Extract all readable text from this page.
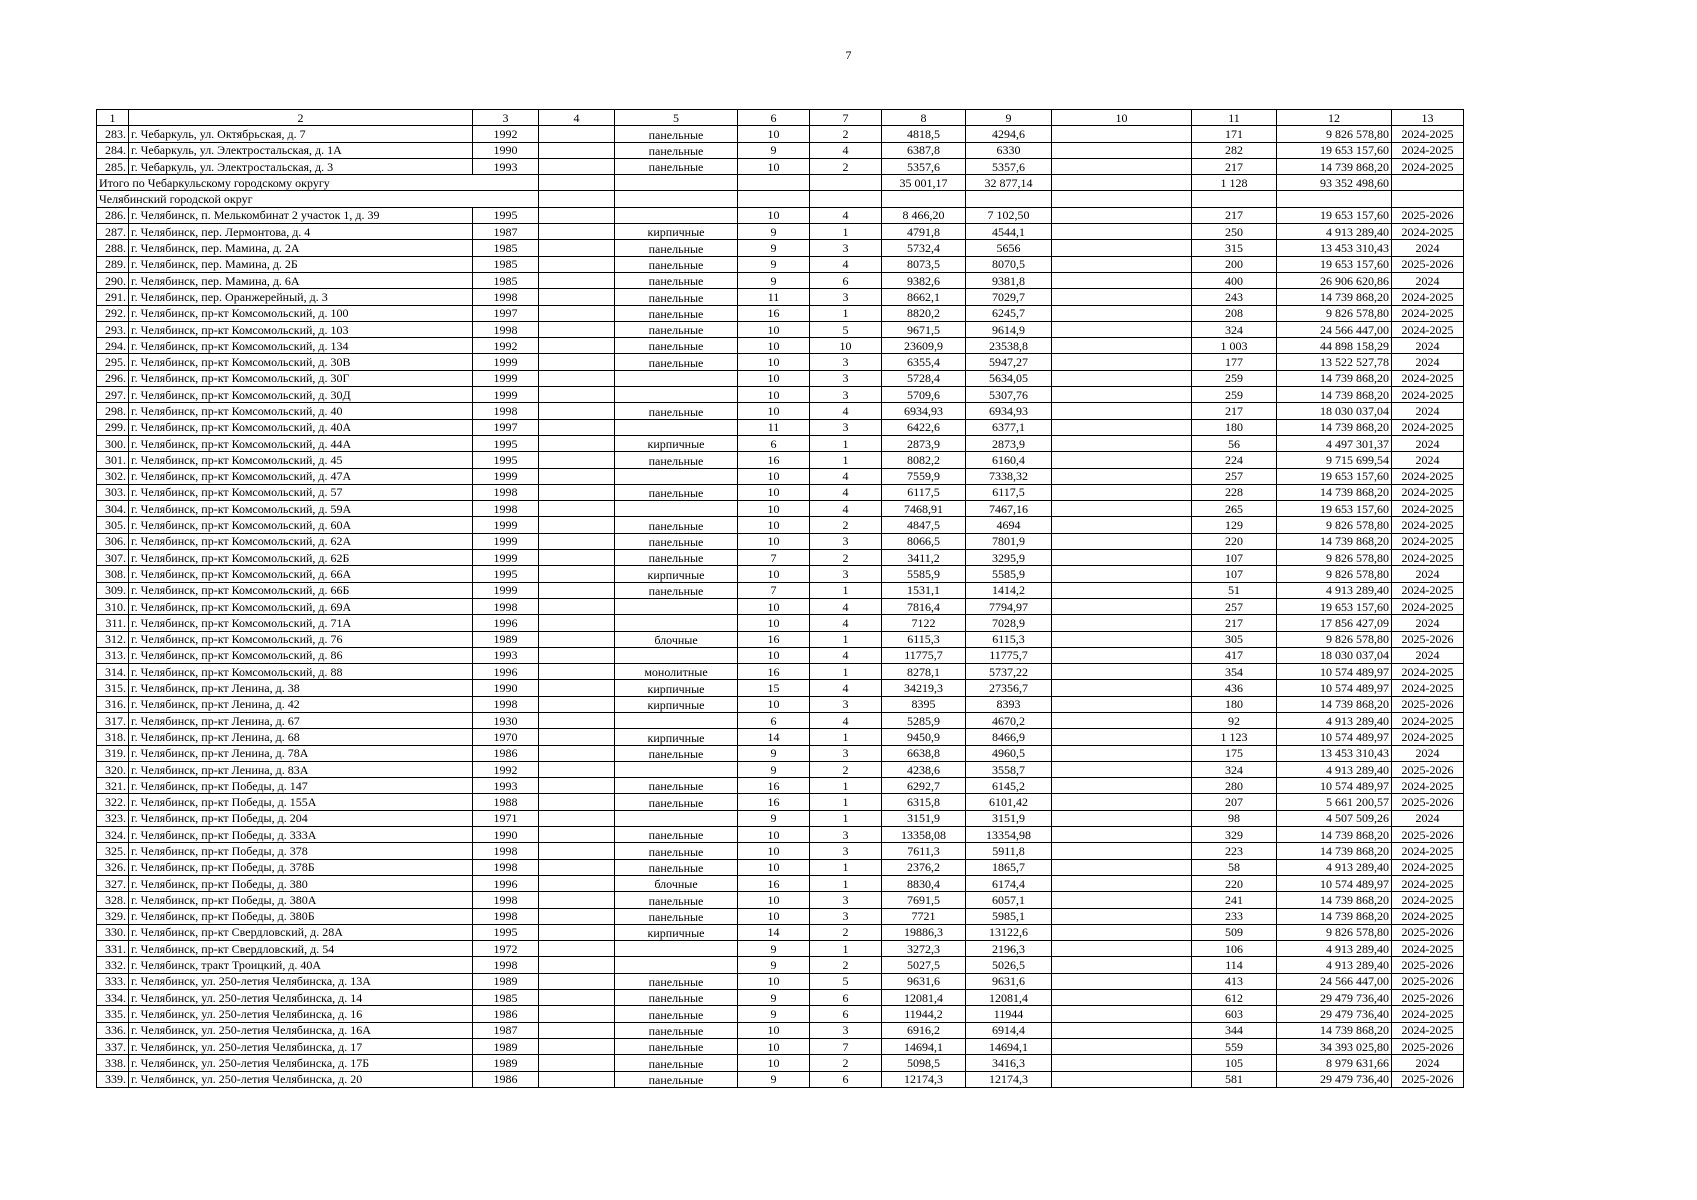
7
1	2	3	4	5	6	7	8	9	10	11	12	13
283.	г. Чебаркуль, ул. Октябрьская, д. 7	1992		панельные	10	2	4818,5	4294,6		171	9 826 578,80	2024-2025
284.	г. Чебаркуль, ул. Электростальская, д. 1А	1990		панельные	9	4	6387,8	6330		282	19 653 157,60	2024-2025
285.	г. Чебаркуль, ул. Электростальская, д. 3	1993		панельные	10	2	5357,6	5357,6		217	14 739 868,20	2024-2025
Итого по Чебаркульскому городскому округу							35 001,17	32 877,14		1 128	93 352 498,60	
Челябинский городской округ												
286.	г. Челябинск, п. Мелькомбинат 2 участок 1, д. 39	1995			10	4	8 466,20	7 102,50		217	19 653 157,60	2025-2026
287.	г. Челябинск, пер. Лермонтова, д. 4	1987		кирпичные	9	1	4791,8	4544,1		250	4 913 289,40	2024-2025
288.	г. Челябинск, пер. Мамина, д. 2А	1985		панельные	9	3	5732,4	5656		315	13 453 310,43	2024
289.	г. Челябинск, пер. Мамина, д. 2Б	1985		панельные	9	4	8073,5	8070,5		200	19 653 157,60	2025-2026
290.	г. Челябинск, пер. Мамина, д. 6А	1985		панельные	9	6	9382,6	9381,8		400	26 906 620,86	2024
291.	г. Челябинск, пер. Оранжерейный, д. 3	1998		панельные	11	3	8662,1	7029,7		243	14 739 868,20	2024-2025
292.	г. Челябинск, пр-кт Комсомольский, д. 100	1997		панельные	16	1	8820,2	6245,7		208	9 826 578,80	2024-2025
293.	г. Челябинск, пр-кт Комсомольский, д. 103	1998		панельные	10	5	9671,5	9614,9		324	24 566 447,00	2024-2025
294.	г. Челябинск, пр-кт Комсомольский, д. 134	1992		панельные	10	10	23609,9	23538,8		1 003	44 898 158,29	2024
295.	г. Челябинск, пр-кт Комсомольский, д. 30В	1999		панельные	10	3	6355,4	5947,27		177	13 522 527,78	2024
296.	г. Челябинск, пр-кт Комсомольский, д. 30Г	1999			10	3	5728,4	5634,05		259	14 739 868,20	2024-2025
297.	г. Челябинск, пр-кт Комсомольский, д. 30Д	1999			10	3	5709,6	5307,76		259	14 739 868,20	2024-2025
298.	г. Челябинск, пр-кт Комсомольский, д. 40	1998		панельные	10	4	6934,93	6934,93		217	18 030 037,04	2024
299.	г. Челябинск, пр-кт Комсомольский, д. 40А	1997			11	3	6422,6	6377,1		180	14 739 868,20	2024-2025
300.	г. Челябинск, пр-кт Комсомольский, д. 44А	1995		кирпичные	6	1	2873,9	2873,9		56	4 497 301,37	2024
301.	г. Челябинск, пр-кт Комсомольский, д. 45	1995		панельные	16	1	8082,2	6160,4		224	9 715 699,54	2024
302.	г. Челябинск, пр-кт Комсомольский, д. 47А	1999			10	4	7559,9	7338,32		257	19 653 157,60	2024-2025
303.	г. Челябинск, пр-кт Комсомольский, д. 57	1998		панельные	10	4	6117,5	6117,5		228	14 739 868,20	2024-2025
304.	г. Челябинск, пр-кт Комсомольский, д. 59А	1998			10	4	7468,91	7467,16		265	19 653 157,60	2024-2025
305.	г. Челябинск, пр-кт Комсомольский, д. 60А	1999		панельные	10	2	4847,5	4694		129	9 826 578,80	2024-2025
306.	г. Челябинск, пр-кт Комсомольский, д. 62А	1999		панельные	10	3	8066,5	7801,9		220	14 739 868,20	2024-2025
307.	г. Челябинск, пр-кт Комсомольский, д. 62Б	1999		панельные	7	2	3411,2	3295,9		107	9 826 578,80	2024-2025
308.	г. Челябинск, пр-кт Комсомольский, д. 66А	1995		кирпичные	10	3	5585,9	5585,9		107	9 826 578,80	2024
309.	г. Челябинск, пр-кт Комсомольский, д. 66Б	1999		панельные	7	1	1531,1	1414,2		51	4 913 289,40	2024-2025
310.	г. Челябинск, пр-кт Комсомольский, д. 69А	1998			10	4	7816,4	7794,97		257	19 653 157,60	2024-2025
311.	г. Челябинск, пр-кт Комсомольский, д. 71А	1996			10	4	7122	7028,9		217	17 856 427,09	2024
312.	г. Челябинск, пр-кт Комсомольский, д. 76	1989		блочные	16	1	6115,3	6115,3		305	9 826 578,80	2025-2026
313.	г. Челябинск, пр-кт Комсомольский, д. 86	1993			10	4	11775,7	11775,7		417	18 030 037,04	2024
314.	г. Челябинск, пр-кт Комсомольский, д. 88	1996		монолитные	16	1	8278,1	5737,22		354	10 574 489,97	2024-2025
315.	г. Челябинск, пр-кт Ленина, д. 38	1990		кирпичные	15	4	34219,3	27356,7		436	10 574 489,97	2024-2025
316.	г. Челябинск, пр-кт Ленина, д. 42	1998		кирпичные	10	3	8395	8393		180	14 739 868,20	2025-2026
317.	г. Челябинск, пр-кт Ленина, д. 67	1930			6	4	5285,9	4670,2		92	4 913 289,40	2024-2025
318.	г. Челябинск, пр-кт Ленина, д. 68	1970		кирпичные	14	1	9450,9	8466,9		1 123	10 574 489,97	2024-2025
319.	г. Челябинск, пр-кт Ленина, д. 78А	1986		панельные	9	3	6638,8	4960,5		175	13 453 310,43	2024
320.	г. Челябинск, пр-кт Ленина, д. 83А	1992			9	2	4238,6	3558,7		324	4 913 289,40	2025-2026
321.	г. Челябинск, пр-кт Победы, д. 147	1993		панельные	16	1	6292,7	6145,2		280	10 574 489,97	2024-2025
322.	г. Челябинск, пр-кт Победы, д. 155А	1988		панельные	16	1	6315,8	6101,42		207	5 661 200,57	2025-2026
323.	г. Челябинск, пр-кт Победы, д. 204	1971			9	1	3151,9	3151,9		98	4 507 509,26	2024
324.	г. Челябинск, пр-кт Победы, д. 333А	1990		панельные	10	3	13358,08	13354,98		329	14 739 868,20	2025-2026
325.	г. Челябинск, пр-кт Победы, д. 378	1998		панельные	10	3	7611,3	5911,8		223	14 739 868,20	2024-2025
326.	г. Челябинск, пр-кт Победы, д. 378Б	1998		панельные	10	1	2376,2	1865,7		58	4 913 289,40	2024-2025
327.	г. Челябинск, пр-кт Победы, д. 380	1996		блочные	16	1	8830,4	6174,4		220	10 574 489,97	2024-2025
328.	г. Челябинск, пр-кт Победы, д. 380А	1998		панельные	10	3	7691,5	6057,1		241	14 739 868,20	2024-2025
329.	г. Челябинск, пр-кт Победы, д. 380Б	1998		панельные	10	3	7721	5985,1		233	14 739 868,20	2024-2025
330.	г. Челябинск, пр-кт Свердловский, д. 28А	1995		кирпичные	14	2	19886,3	13122,6		509	9 826 578,80	2025-2026
331.	г. Челябинск, пр-кт Свердловский, д. 54	1972			9	1	3272,3	2196,3		106	4 913 289,40	2024-2025
332.	г. Челябинск, тракт Троицкий, д. 40А	1998			9	2	5027,5	5026,5		114	4 913 289,40	2025-2026
333.	г. Челябинск, ул. 250-летия Челябинска, д. 13А	1989		панельные	10	5	9631,6	9631,6		413	24 566 447,00	2025-2026
334.	г. Челябинск, ул. 250-летия Челябинска, д. 14	1985		панельные	9	6	12081,4	12081,4		612	29 479 736,40	2025-2026
335.	г. Челябинск, ул. 250-летия Челябинска, д. 16	1986		панельные	9	6	11944,2	11944		603	29 479 736,40	2024-2025
336.	г. Челябинск, ул. 250-летия Челябинска, д. 16А	1987		панельные	10	3	6916,2	6914,4		344	14 739 868,20	2024-2025
337.	г. Челябинск, ул. 250-летия Челябинска, д. 17	1989		панельные	10	7	14694,1	14694,1		559	34 393 025,80	2025-2026
338.	г. Челябинск, ул. 250-летия Челябинска, д. 17Б	1989		панельные	10	2	5098,5	3416,3		105	8 979 631,66	2024
339.	г. Челябинск, ул. 250-летия Челябинска, д. 20	1986		панельные	9	6	12174,3	12174,3		581	29 479 736,40	2025-2026
